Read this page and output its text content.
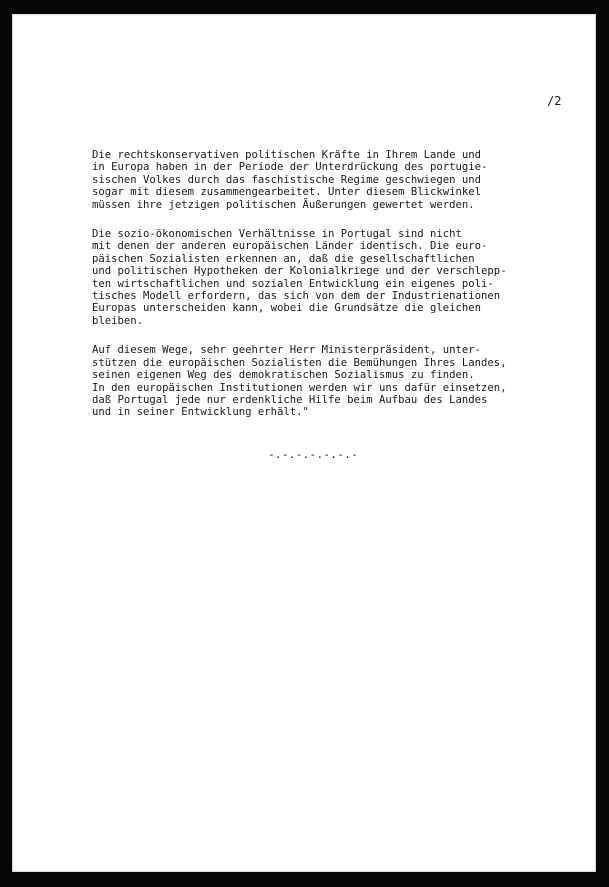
/2

Die rechtskonservativen politischen Kräfte in Ihrem Lande und
in Europa haben in der Periode der Unterdrückung des portugie-
sischen Volkes durch das faschistische Regime geschwiegen und
sogar mit diesem zusammengearbeitet. Unter diesem Blickwinkel
müssen ihre jetzigen politischen Äußerungen gewertet werden.

Die sozio-ökonomischen Verhältnisse in Portugal sind nicht
mit denen der anderen europäischen Länder identisch. Die euro-
päischen Sozialisten erkennen an, daß die gesellschaftlichen
und politischen Hypotheken der Kolonialkriege und der verschlepp-
ten wirtschaftlichen und sozialen Entwicklung ein eigenes poli-
tisches Modell erfordern, das sich von dem der Industrienationen
Europas unterscheiden kann, wobei die Grundsätze die gleichen
bleiben.

Auf diesem Wege, sehr geehrter Herr Ministerpräsident, unter-
stützen die europäischen Sozialisten die Bemühungen Ihres Landes,
seinen eigenen Weg des demokratischen Sozialismus zu finden.
In den europäischen Institutionen werden wir uns dafür einsetzen,
daß Portugal jede nur erdenkliche Hilfe beim Aufbau des Landes
und in seiner Entwicklung erhält."

-.-.-.-.-.-.-
